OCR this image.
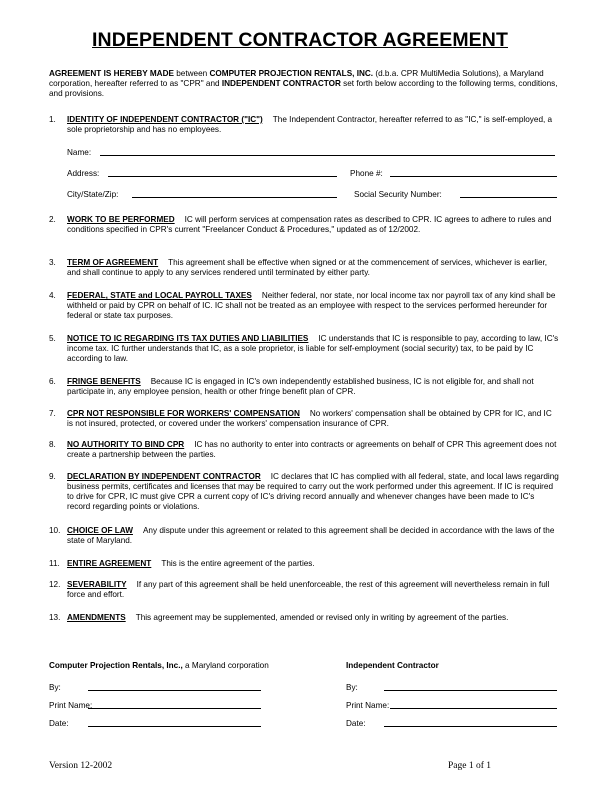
INDEPENDENT CONTRACTOR AGREEMENT
AGREEMENT IS HEREBY MADE between COMPUTER PROJECTION RENTALS, INC. (d.b.a. CPR MultiMedia Solutions), a Maryland corporation, hereafter referred to as "CPR" and INDEPENDENT CONTRACTOR set forth below according to the following terms, conditions, and provisions.
1. IDENTITY OF INDEPENDENT CONTRACTOR ("IC") The Independent Contractor, hereafter referred to as "IC," is self-employed, a sole proprietorship and has no employees.
Name:
Address:	Phone #:
City/State/Zip:	Social Security Number:
2. WORK TO BE PERFORMED IC will perform services at compensation rates as described to CPR. IC agrees to adhere to rules and conditions specified in CPR's current "Freelancer Conduct & Procedures," updated as of 12/2002.
3. TERM OF AGREEMENT This agreement shall be effective when signed or at the commencement of services, whichever is earlier, and shall continue to apply to any services rendered until terminated by either party.
4. FEDERAL, STATE and LOCAL PAYROLL TAXES Neither federal, nor state, nor local income tax nor payroll tax of any kind shall be withheld or paid by CPR on behalf of IC. IC shall not be treated as an employee with respect to the services performed hereunder for federal or state tax purposes.
5. NOTICE TO IC REGARDING ITS TAX DUTIES AND LIABILITIES IC understands that IC is responsible to pay, according to law, IC's income tax. IC further understands that IC, as a sole proprietor, is liable for self-employment (social security) tax, to be paid by IC according to law.
6. FRINGE BENEFITS Because IC is engaged in IC's own independently established business, IC is not eligible for, and shall not participate in, any employee pension, health or other fringe benefit plan of CPR.
7. CPR NOT RESPONSIBLE FOR WORKERS' COMPENSATION No workers' compensation shall be obtained by CPR for IC, and IC is not insured, protected, or covered under the workers' compensation insurance of CPR.
8. NO AUTHORITY TO BIND CPR IC has no authority to enter into contracts or agreements on behalf of CPR This agreement does not create a partnership between the parties.
9. DECLARATION BY INDEPENDENT CONTRACTOR IC declares that IC has complied with all federal, state, and local laws regarding business permits, certificates and licenses that may be required to carry out the work performed under this agreement. If IC is required to drive for CPR, IC must give CPR a current copy of IC's driving record annually and whenever changes have been made to IC's record regarding points or violations.
10. CHOICE OF LAW Any dispute under this agreement or related to this agreement shall be decided in accordance with the laws of the state of Maryland.
11. ENTIRE AGREEMENT This is the entire agreement of the parties.
12. SEVERABILITY If any part of this agreement shall be held unenforceable, the rest of this agreement will nevertheless remain in full force and effort.
13. AMENDMENTS This agreement may be supplemented, amended or revised only in writing by agreement of the parties.
Computer Projection Rentals, Inc., a Maryland corporation
By:
Print Name:
Date:
Independent Contractor
By:
Print Name:
Date:
Version 12-2002	Page 1 of 1
